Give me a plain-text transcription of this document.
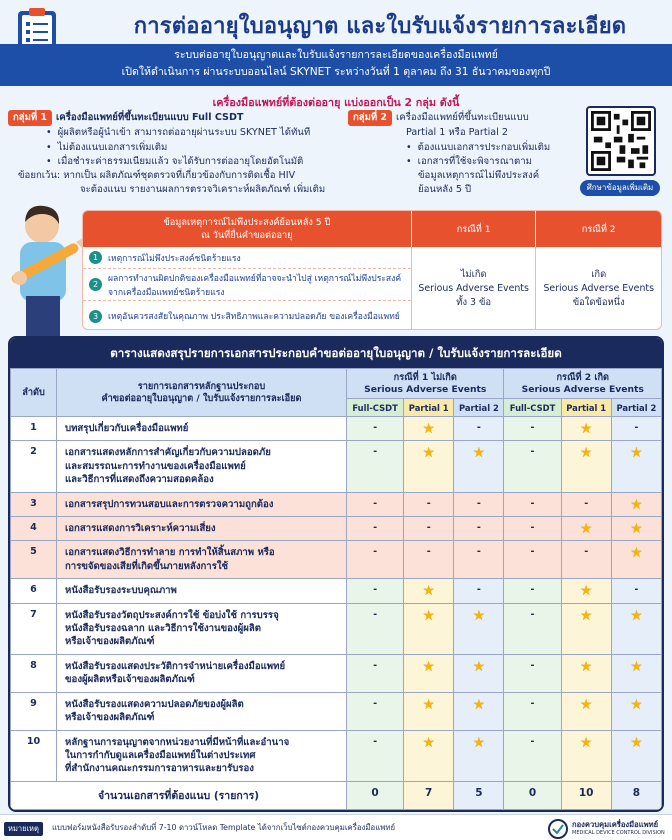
การต่ออายุใบอนุญาต และใบรับแจ้งรายการละเอียด
ระบบต่ออายุใบอนุญาตและใบรับแจ้งรายการละเอียดของเครื่องมือแพทย์
เปิดให้ดำเนินการ ผ่านระบบออนไลน์ SKYNET ระหว่างวันที่ 1 ตุลาคม ถึง 31 ธันวาคมของทุกปี
เครื่องมือแพทย์ที่ต้องต่ออายุ แบ่งออกเป็น 2 กลุ่ม ดังนี้
กลุ่มที่ 1 เครื่องมือแพทย์ที่ขึ้นทะเบียนแบบ Full CSDT
• ผู้ผลิตหรือผู้นำเข้า สามารถต่ออายุผ่านระบบ SKYNET ได้ทันที
• ไม่ต้องแนบเอกสารเพิ่มเติม
• เมื่อชำระค่าธรรมเนียมแล้ว จะได้รับการต่ออายุโดยอัตโนมัติ
ข้อยกเว้น: หากเป็น ผลิตภัณฑ์ชุดตรวจที่เกี่ยวข้องกับการติดเชื้อ HIV
จะต้องแนบ รายงานผลการตรวจวิเคราะห์ผลิตภัณฑ์ เพิ่มเติม
กลุ่มที่ 2 เครื่องมือแพทย์ที่ขึ้นทะเบียนแบบ
Partial 1 หรือ Partial 2
• ต้องแนบเอกสารประกอบเพิ่มเติม
• เอกสารที่ใช้จะพิจารณาตาม
ข้อมูลเหตุการณ์ไม่พึงประสงค์
ย้อนหลัง 5 ปี	ศึกษาข้อมูลเพิ่มเติม
ข้อมูลเหตุการณ์ไม่พึงประสงค์ย้อนหลัง 5 ปี
ณ วันที่ยื่นคำขอต่ออายุ
กรณีที่ 1	กรณีที่ 2
1	เหตุการณ์ไม่พึงประสงค์ชนิดร้ายแรง
2
ผลการทำงานผิดปกติของเครื่องมือแพทย์ที่อาจจะนำไปสู่ เหตุการณ์ไม่พึงประสงค์จากเครื่องมือแพทย์ชนิดร้ายแรง
3	เหตุอันควรสงสัยในคุณภาพ ประสิทธิภาพและความปลอดภัย ของเครื่องมือแพทย์
ไม่เกิด
Serious Adverse Events
ทั้ง 3 ข้อ
เกิด
Serious Adverse Events
ข้อใดข้อหนึ่ง
ตารางแสดงสรุปรายการเอกสารประกอบคำขอต่ออายุใบอนุญาต / ใบรับแจ้งรายการละเอียด
ลำดับ	รายการเอกสารหลักฐานประกอบ
คำขอต่ออายุใบอนุญาต / ใบรับแจ้งรายการละเอียด	กรณีที่ 1 ไม่เกิด
Serious Adverse Events			กรณีที่ 2 เกิด
Serious Adverse Events		
		Full-CSDT	Partial 1	Partial 2	Full-CSDT	Partial 1	Partial 2
1	บทสรุปเกี่ยวกับเครื่องมือแพทย์	-	★	-	-	★	-
2	เอกสารแสดงหลักการสำคัญเกี่ยวกับความปลอดภัย
และสมรรถนะการทำงานของเครื่องมือแพทย์
และวิธีการที่แสดงถึงความสอดคล้อง	-	★	★	-	★	★
3	เอกสารสรุปการทวนสอบและการตรวจความถูกต้อง	-	-	-	-	-	★
4	เอกสารแสดงการวิเคราะห์ความเสี่ยง	-	-	-	-	★	★
5	เอกสารแสดงวิธีการทำลาย การทำให้สิ้นสภาพ หรือ
การขจัดของเสียที่เกิดขึ้นภายหลังการใช้	-	-	-	-	-	★
6	หนังสือรับรองระบบคุณภาพ	-	★	-	-	★	-
7	หนังสือรับรองวัตถุประสงค์การใช้ ข้อบ่งใช้ การบรรจุ
หนังสือรับรองฉลาก และวิธีการใช้งานของผู้ผลิต
หรือเจ้าของผลิตภัณฑ์	-	★	★	-	★	★
8	หนังสือรับรองแสดงประวัติการจำหน่ายเครื่องมือแพทย์
ของผู้ผลิตหรือเจ้าของผลิตภัณฑ์	-	★	★	-	★	★
9	หนังสือรับรองแสดงความปลอดภัยของผู้ผลิต
หรือเจ้าของผลิตภัณฑ์	-	★	★	-	★	★
10	หลักฐานการอนุญาตจากหน่วยงานที่มีหน้าที่และอำนาจ
ในการกำกับดูแลเครื่องมือแพทย์ในต่างประเทศ
ที่สำนักงานคณะกรรมการอาหารและยารับรอง	-	★	★	-	★	★
จำนวนเอกสารที่ต้องแนบ (รายการ)		0	7	5	0	10	8
หมายเหตุ	แบบฟอร์มหนังสือรับรองลำดับที่ 7-10 ดาวน์โหลด Template ได้จากเว็บไซต์กองควบคุมเครื่องมือแพทย์	กองควบคุมเครื่องมือแพทย์
MEDICAL DEVICE CONTROL DIVISION
